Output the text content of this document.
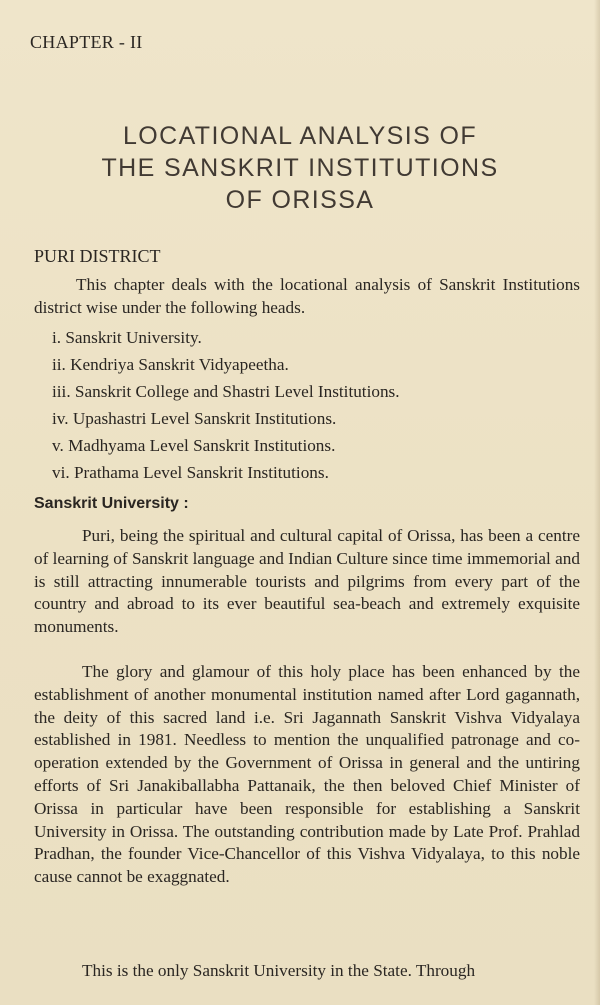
CHAPTER - II
LOCATIONAL ANALYSIS OF
THE SANSKRIT INSTITUTIONS
OF ORISSA
PURI DISTRICT

This chapter deals with the locational analysis of Sanskrit Institutions district wise under the following heads.

i. Sanskrit University.
ii. Kendriya Sanskrit Vidyapeetha.
iii. Sanskrit College and Shastri Level Institutions.
iv. Upashastri Level Sanskrit Institutions.
v. Madhyama Level Sanskrit Institutions.
vi. Prathama Level Sanskrit Institutions.
Sanskrit University :

Puri, being the spiritual and cultural capital of Orissa, has been a centre of learning of Sanskrit language and Indian Culture since time immemorial and is still attracting innumerable tourists and pilgrims from every part of the country and abroad to its ever beautiful sea-beach and extremely exquisite monuments.

The glory and glamour of this holy place has been enhanced by the establishment of another monumental institution named after Lord gagannath, the deity of this sacred land i.e. Sri Jagannath Sanskrit Vishva Vidyalaya established in 1981. Needless to mention the unqualified patronage and co-operation extended by the Government of Orissa in general and the untiring efforts of Sri Janakiballabha Pattanaik, the then beloved Chief Minister of Orissa in particular have been responsible for establishing a Sanskrit University in Orissa. The outstanding contribution made by Late Prof. Prahlad Pradhan, the founder Vice-Chancellor of this Vishva Vidyalaya, to this noble cause cannot be exaggnated.

This is the only Sanskrit University in the State. Through
